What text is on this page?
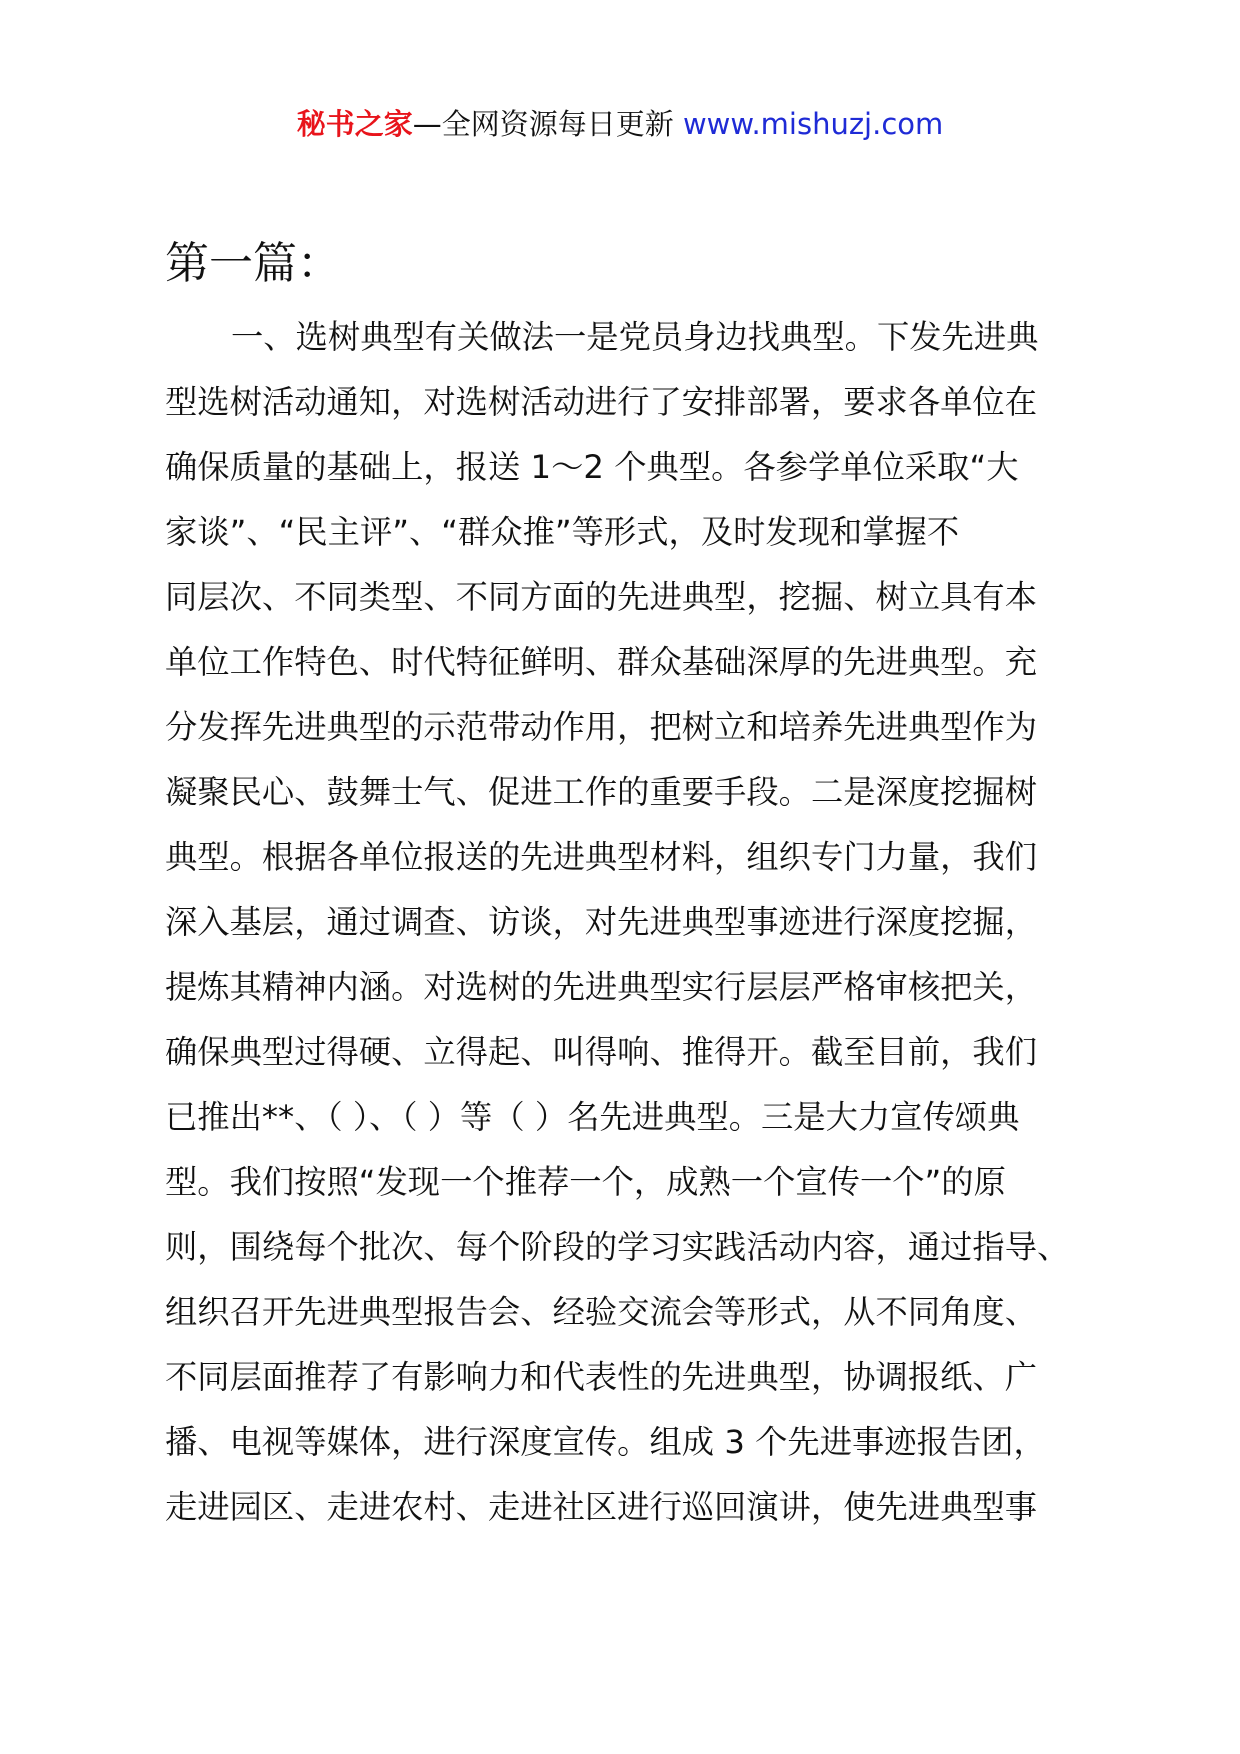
秘书之家—全网资源每日更新 www.mishuzj.com
第一篇：
一、选树典型有关做法一是党员身边找典型。下发先进典
型选树活动通知，对选树活动进行了安排部署，要求各单位在
确保质量的基础上，报送 1～2 个典型。各参学单位采取“大
家谈”、“民主评”、“群众推”等形式，及时发现和掌握不
同层次、不同类型、不同方面的先进典型，挖掘、树立具有本
单位工作特色、时代特征鲜明、群众基础深厚的先进典型。充
分发挥先进典型的示范带动作用，把树立和培养先进典型作为
凝聚民心、鼓舞士气、促进工作的重要手段。二是深度挖掘树
典型。根据各单位报送的先进典型材料，组织专门力量，我们
深入基层，通过调查、访谈，对先进典型事迹进行深度挖掘，
提炼其精神内涵。对选树的先进典型实行层层严格审核把关，
确保典型过得硬、立得起、叫得响、推得开。截至目前，我们
已推出**、（ ）、（ ）等（ ）名先进典型。三是大力宣传颂典
型。我们按照“发现一个推荐一个，成熟一个宣传一个”的原
则，围绕每个批次、每个阶段的学习实践活动内容，通过指导、
组织召开先进典型报告会、经验交流会等形式，从不同角度、
不同层面推荐了有影响力和代表性的先进典型，协调报纸、广
播、电视等媒体，进行深度宣传。组成 3 个先进事迹报告团，
走进园区、走进农村、走进社区进行巡回演讲，使先进典型事
